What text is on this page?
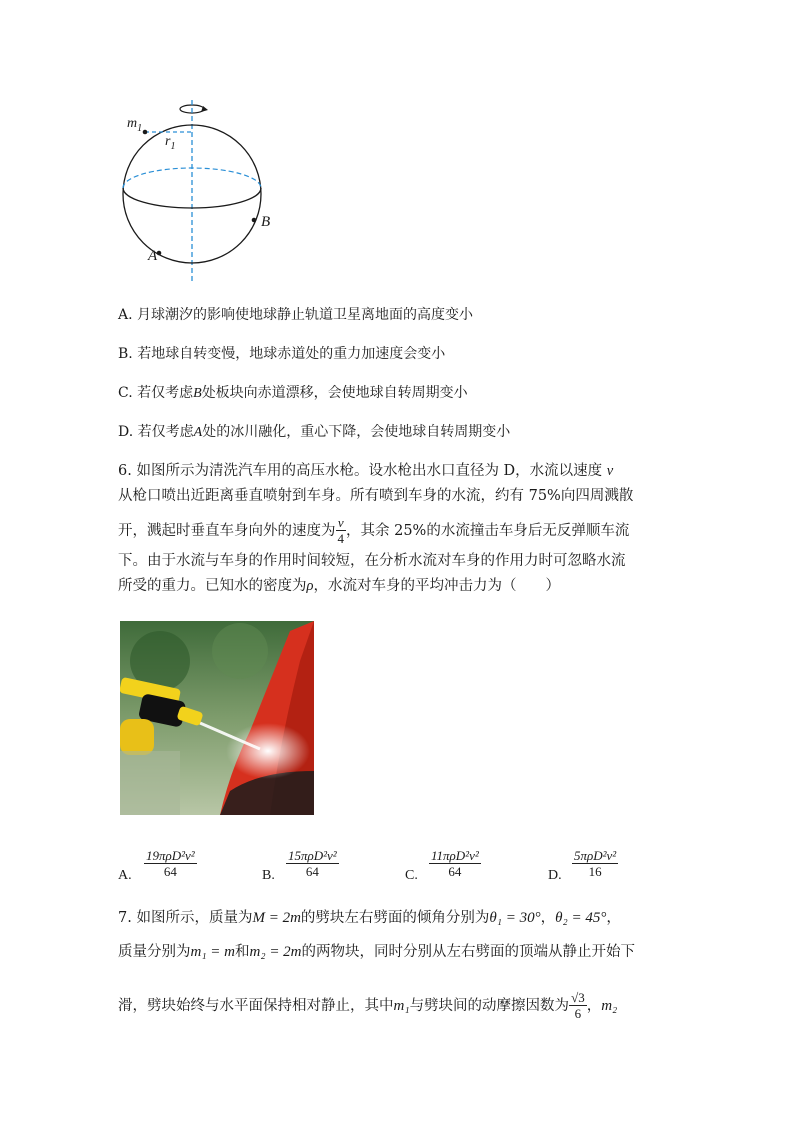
$m_1$
$r_1$
B
A
A. 月球潮汐的影响使地球静止轨道卫星离地面的高度变小
B. 若地球自转变慢，地球赤道处的重力加速度会变小
C. 若仅考虑B处板块向赤道漂移，会使地球自转周期变小
D. 若仅考虑A处的冰川融化，重心下降，会使地球自转周期变小
6. 如图所示为清洗汽车用的高压水枪。设水枪出水口直径为 D，水流以速度 v
从枪口喷出近距离垂直喷射到车身。所有喷到车身的水流，约有 75%向四周溅散
开，溅起时垂直车身向外的速度为 $\frac{v}{4}$ ，其余 25%的水流撞击车身后无反弹顺车流
下。由于水流与车身的作用时间较短，在分析水流对车身的作用力时可忽略水流
所受的重力。已知水的密度为ρ，水流对车身的平均冲击力为（　　）
A.
19πρD²v²
64	B.
15πρD²v²
64	C.
11πρD²v²
64	D.
5πρD²v²
16
7. 如图所示，质量为M = 2m的劈块左右劈面的倾角分别为θ₁ = 30°，θ₂ = 45°，
质量分别为m₁ = m和m₂ = 2m的两物块，同时分别从左右劈面的顶端从静止开始下
滑，劈块始终与水平面保持相对静止，其中m₁与劈块间的动摩擦因数为 $\frac{√3}{6}$ ，m₂
